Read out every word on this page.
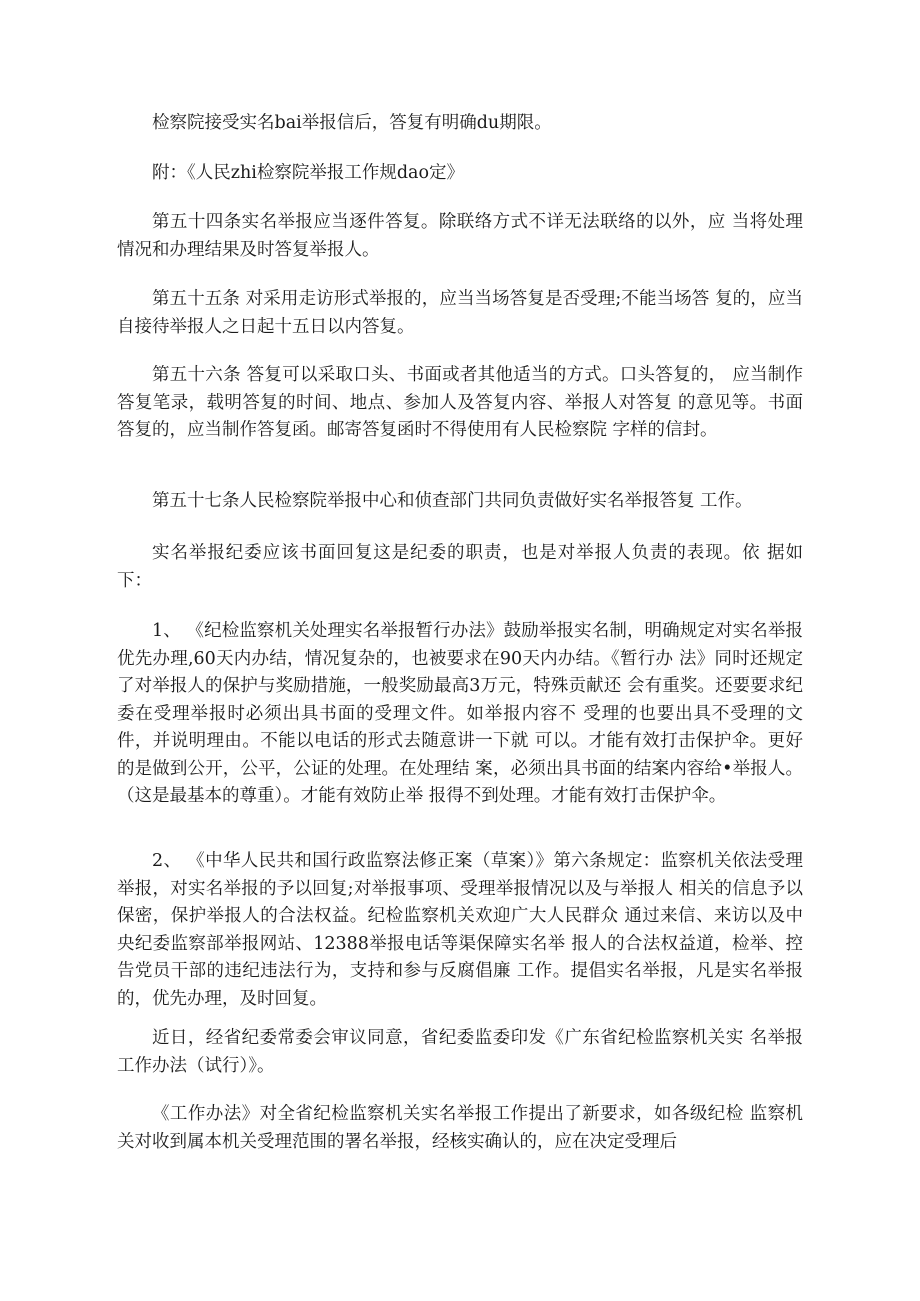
检察院接受实名bai举报信后，答复有明确du期限。

附：《人民zhi检察院举报工作规dao定》

第五十四条实名举报应当逐件答复。除联络方式不详无法联络的以外，应 当将处理情况和办理结果及时答复举报人。

第五十五条 对采用走访形式举报的，应当当场答复是否受理;不能当场答 复的，应当自接待举报人之日起十五日以内答复。

第五十六条 答复可以采取口头、书面或者其他适当的方式。口头答复的， 应当制作答复笔录，载明答复的时间、地点、参加人及答复内容、举报人对答复 的意见等。书面答复的，应当制作答复函。邮寄答复函时不得使用有人民检察院 字样的信封。

第五十七条人民检察院举报中心和侦查部门共同负责做好实名举报答复 工作。

实名举报纪委应该书面回复这是纪委的职责，也是对举报人负责的表现。依 据如下：

1、 《纪检监察机关处理实名举报暂行办法》鼓励举报实名制，明确规定对实名举报优先办理,60天内办结，情况复杂的，也被要求在90天内办结。《暂行办 法》同时还规定了对举报人的保护与奖励措施，一般奖励最高3万元，特殊贡献还 会有重奖。还要要求纪委在受理举报时必须出具书面的受理文件。如举报内容不 受理的也要出具不受理的文件，并说明理由。不能以电话的形式去随意讲一下就 可以。才能有效打击保护伞。更好的是做到公开，公平，公证的处理。在处理结 案，必须出具书面的结案内容给•举报人。（这是最基本的尊重）。才能有效防止举 报得不到处理。才能有效打击保护伞。

2、 《中华人民共和国行政监察法修正案（草案）》第六条规定：监察机关依法受理举报，对实名举报的予以回复;对举报事项、受理举报情况以及与举报人 相关的信息予以保密，保护举报人的合法权益。纪检监察机关欢迎广大人民群众 通过来信、来访以及中央纪委监察部举报网站、12388举报电话等渠保障实名举 报人的合法权益道，检举、控告党员干部的违纪违法行为，支持和参与反腐倡廉 工作。提倡实名举报，凡是实名举报的，优先办理，及时回复。

近日，经省纪委常委会审议同意，省纪委监委印发《广东省纪检监察机关实 名举报工作办法（试行）》。

《工作办法》对全省纪检监察机关实名举报工作提出了新要求，如各级纪检 监察机关对收到属本机关受理范围的署名举报，经核实确认的，应在决定受理后
